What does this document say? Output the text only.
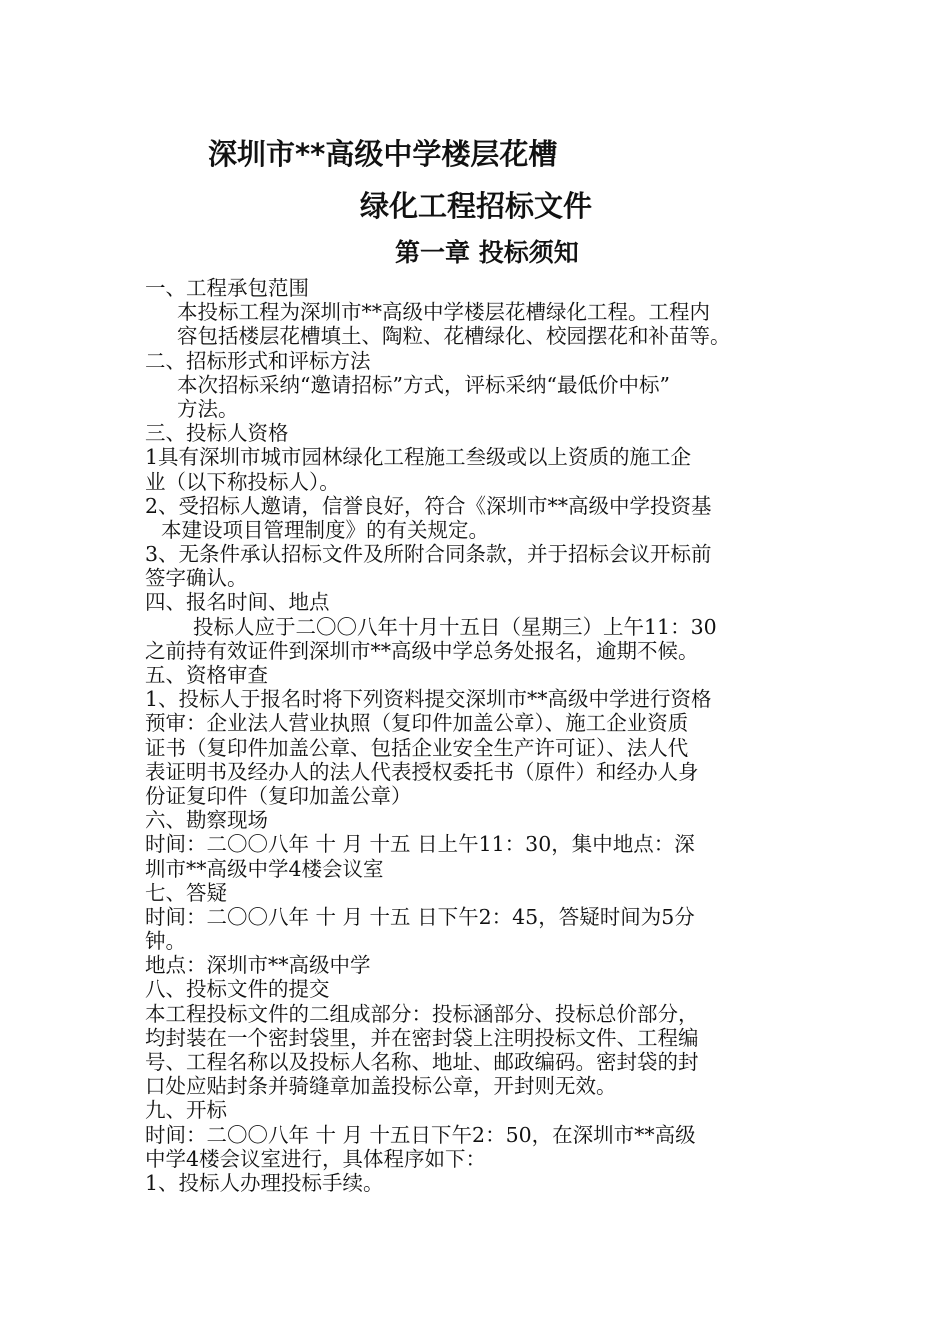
深圳市**高级中学楼层花槽
绿化工程招标文件
第一章 投标须知
一、工程承包范围
本投标工程为深圳市**高级中学楼层花槽绿化工程。工程内
容包括楼层花槽填土、陶粒、花槽绿化、校园摆花和补苗等。
二、招标形式和评标方法
本次招标采纳“邀请招标”方式，评标采纳“最低价中标”
方法。
三、投标人资格
1具有深圳市城市园林绿化工程施工叁级或以上资质的施工企
业（以下称投标人）。
2、受招标人邀请，信誉良好，符合《深圳市**高级中学投资基
本建设项目管理制度》的有关规定。
3、无条件承认招标文件及所附合同条款，并于招标会议开标前
签字确认。
四、报名时间、地点
投标人应于二〇〇八年十月十五日（星期三）上午11：30
之前持有效证件到深圳市**高级中学总务处报名，逾期不候。
五、资格审查
1、投标人于报名时将下列资料提交深圳市**高级中学进行资格
预审：企业法人营业执照（复印件加盖公章）、施工企业资质
证书（复印件加盖公章、包括企业安全生产许可证）、法人代
表证明书及经办人的法人代表授权委托书（原件）和经办人身
份证复印件（复印加盖公章）
六、勘察现场
时间：二〇〇八年 十 月 十五 日上午11：30，集中地点：深
圳市**高级中学4楼会议室
七、答疑
时间：二〇〇八年 十 月 十五 日下午2：45，答疑时间为5分
钟。
地点：深圳市**高级中学
八、投标文件的提交
本工程投标文件的二组成部分：投标涵部分、投标总价部分，
均封装在一个密封袋里，并在密封袋上注明投标文件、工程编
号、工程名称以及投标人名称、地址、邮政编码。密封袋的封
口处应贴封条并骑缝章加盖投标公章，开封则无效。
九、开标
时间：二〇〇八年 十 月 十五日下午2：50，在深圳市**高级
中学4楼会议室进行，具体程序如下：
1、投标人办理投标手续。
